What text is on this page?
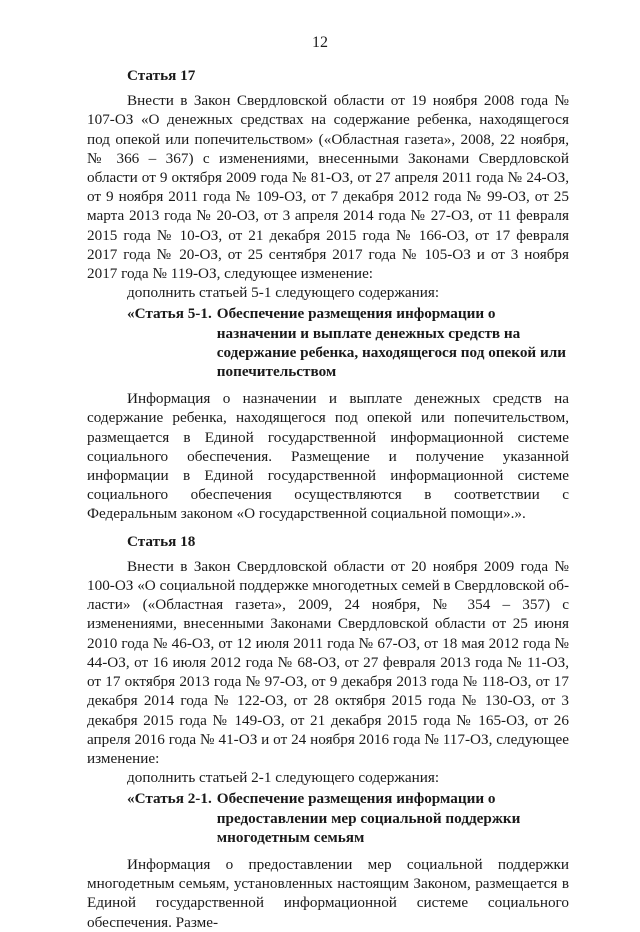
12
Статья 17

Внести в Закон Свердловской области от 19 ноября 2008 года № 107-ОЗ «О денежных средствах на содержание ребенка, находящегося под опекой или попечительством» («Областная газета», 2008, 22 ноября, № 366 – 367) с изменениями, внесенными Законами Свердловской области от 9 октября 2009 года № 81-ОЗ, от 27 апреля 2011 года № 24-ОЗ, от 9 ноября 2011 года № 109-ОЗ, от 7 декабря 2012 года № 99-ОЗ, от 25 марта 2013 года № 20-ОЗ, от 3 апреля 2014 года № 27-ОЗ, от 11 февраля 2015 года № 10-ОЗ, от 21 декабря 2015 года № 166-ОЗ, от 17 февраля 2017 года № 20-ОЗ, от 25 сентября 2017 года № 105-ОЗ и от 3 ноября 2017 года № 119-ОЗ, следующее изменение:

дополнить статьей 5-1 следующего содержания:

«Статья 5-1. Обеспечение размещения информации о назначении и выплате денежных средств на содержание ребенка, находящегося под опекой или попечительством

Информация о назначении и выплате денежных средств на содержание ребенка, находящегося под опекой или попечительством, размещается в Единой государственной информационной системе социального обеспечения. Размещение и получение указанной информации в Единой государственной информационной системе социального обеспечения осуществляются в соответствии с Федеральным законом «О государственной социальной помощи».».

Статья 18

Внести в Закон Свердловской области от 20 ноября 2009 года № 100-ОЗ «О социальной поддержке многодетных семей в Свердловской области» («Областная газета», 2009, 24 ноября, № 354 – 357) с изменениями, внесенными Законами Свердловской области от 25 июня 2010 года № 46-ОЗ, от 12 июля 2011 года № 67-ОЗ, от 18 мая 2012 года № 44-ОЗ, от 16 июля 2012 года № 68-ОЗ, от 27 февраля 2013 года № 11-ОЗ, от 17 октября 2013 года № 97-ОЗ, от 9 декабря 2013 года № 118-ОЗ, от 17 декабря 2014 года № 122-ОЗ, от 28 октября 2015 года № 130-ОЗ, от 3 декабря 2015 года № 149-ОЗ, от 21 декабря 2015 года № 165-ОЗ, от 26 апреля 2016 года № 41-ОЗ и от 24 ноября 2016 года № 117-ОЗ, следующее изменение:

дополнить статьей 2-1 следующего содержания:

«Статья 2-1. Обеспечение размещения информации о предоставлении мер социальной поддержки многодетным семьям

Информация о предоставлении мер социальной поддержки многодетным семьям, установленных настоящим Законом, размещается в Единой государственной информационной системе социального обеспечения. Разме-
